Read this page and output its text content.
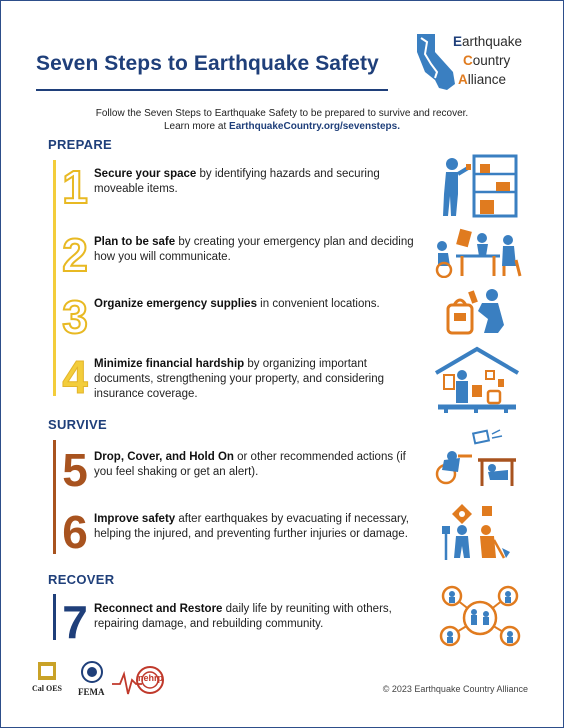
Seven Steps to Earthquake Safety
Earthquake
Country
Alliance
Follow the Seven Steps to Earthquake Safety to be prepared to survive and recover.
Learn more at EarthquakeCountry.org/sevensteps.
PREPARE
1 Secure your space by identifying hazards and securing moveable items.
2 Plan to be safe by creating your emergency plan and deciding how you will communicate.
3 Organize emergency supplies in convenient locations.
4 Minimize financial hardship by organizing important documents, strengthening your property, and considering insurance coverage.
SURVIVE
5 Drop, Cover, and Hold On or other recommended actions (if you feel shaking or get an alert).
6 Improve safety after earthquakes by evacuating if necessary, helping the injured, and preventing further injuries or damage.
RECOVER
7 Reconnect and Restore daily life by reuniting with others, repairing damage, and rebuilding community.
Cal OES FEMA
nehrp
© 2023 Earthquake Country Alliance
